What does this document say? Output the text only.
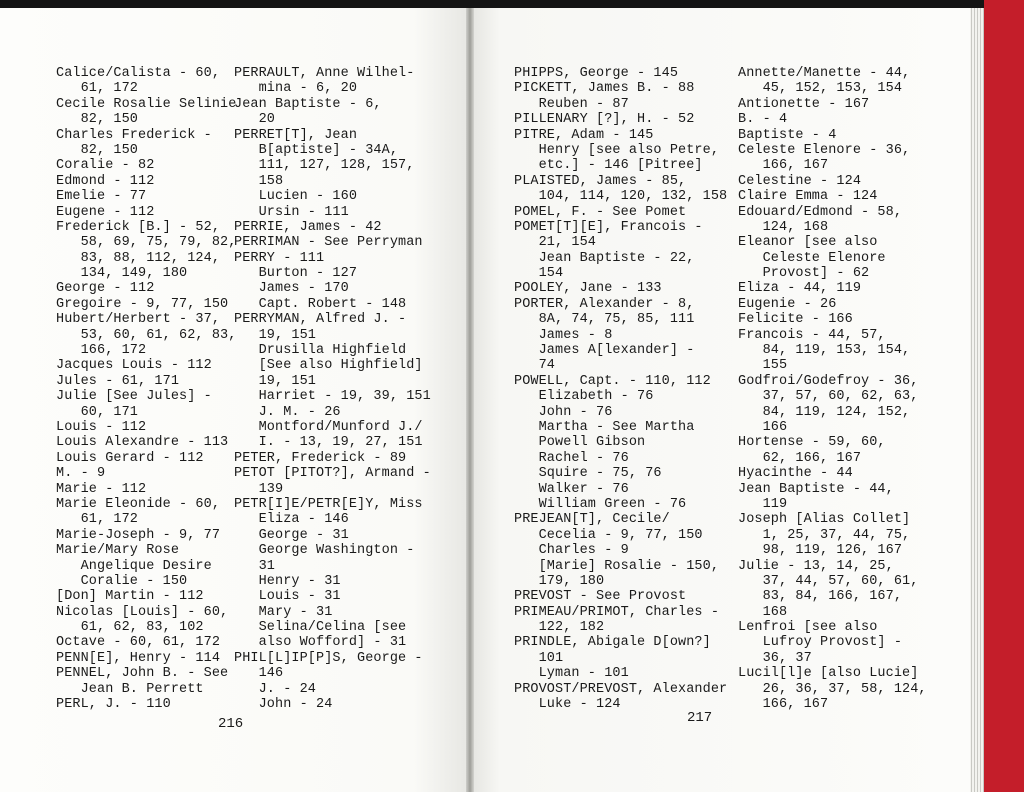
Calice/Calista - 60,
61, 172
Cecile Rosalie Selinie
82, 150
Charles Frederick -
82, 150
Coralie - 82
Edmond - 112
Emelie - 77
Eugene - 112
Frederick [B.] - 52,
58, 69, 75, 79, 82,
83, 88, 112, 124,
134, 149, 180
George - 112
Gregoire - 9, 77, 150
Hubert/Herbert - 37,
53, 60, 61, 62, 83,
166, 172
Jacques Louis - 112
Jules - 61, 171
Julie [See Jules] -
60, 171
Louis - 112
Louis Alexandre - 113
Louis Gerard - 112
M. - 9
Marie - 112
Marie Eleonide - 60,
61, 172
Marie-Joseph - 9, 77
Marie/Mary Rose
Angelique Desire
Coralie - 150
[Don] Martin - 112
Nicolas [Louis] - 60,
61, 62, 83, 102
Octave - 60, 61, 172
PENN[E], Henry - 114
PENNEL, John B. - See
Jean B. Perrett
PERL, J. - 110
PERRAULT, Anne Wilhel-
mina - 6, 20
Jean Baptiste - 6,
20
PERRET[T], Jean
B[aptiste] - 34A,
111, 127, 128, 157,
158
Lucien - 160
Ursin - 111
PERRIE, James - 42
PERRIMAN - See Perryman
PERRY - 111
Burton - 127
James - 170
Capt. Robert - 148
PERRYMAN, Alfred J. -
19, 151
Drusilla Highfield
[See also Highfield]
19, 151
Harriet - 19, 39, 151
J. M. - 26
Montford/Munford J./
I. - 13, 19, 27, 151
PETER, Frederick - 89
PETOT [PITOT?], Armand -
139
PETR[I]E/PETR[E]Y, Miss
Eliza - 146
George - 31
George Washington -
31
Henry - 31
Louis - 31
Mary - 31
Selina/Celina [see
also Wofford] - 31
PHIL[L]IP[P]S, George -
146
J. - 24
John - 24
216
PHIPPS, George - 145
PICKETT, James B. - 88
Reuben - 87
PILLENARY [?], H. - 52
PITRE, Adam - 145
Henry [see also Petre,
etc.] - 146 [Pitree]
PLAISTED, James - 85,
104, 114, 120, 132, 158
POMEL, F. - See Pomet
POMET[T][E], Francois -
21, 154
Jean Baptiste - 22,
154
POOLEY, Jane - 133
PORTER, Alexander - 8,
8A, 74, 75, 85, 111
James - 8
James A[lexander] -
74
POWELL, Capt. - 110, 112
Elizabeth - 76
John - 76
Martha - See Martha
Powell Gibson
Rachel - 76
Squire - 75, 76
Walker - 76
William Green - 76
PREJEAN[T], Cecile/
Cecelia - 9, 77, 150
Charles - 9
[Marie] Rosalie - 150,
179, 180
PREVOST - See Provost
PRIMEAU/PRIMOT, Charles -
122, 182
PRINDLE, Abigale D[own?]
101
Lyman - 101
PROVOST/PREVOST, Alexander
Luke - 124
Annette/Manette - 44,
45, 152, 153, 154
Antionette - 167
B. - 4
Baptiste - 4
Celeste Elenore - 36,
166, 167
Celestine - 124
Claire Emma - 124
Edouard/Edmond - 58,
124, 168
Eleanor [see also
Celeste Elenore
Provost] - 62
Eliza - 44, 119
Eugenie - 26
Felicite - 166
Francois - 44, 57,
84, 119, 153, 154,
155
Godfroi/Godefroy - 36,
37, 57, 60, 62, 63,
84, 119, 124, 152,
166
Hortense - 59, 60,
62, 166, 167
Hyacinthe - 44
Jean Baptiste - 44,
119
Joseph [Alias Collet]
1, 25, 37, 44, 75,
98, 119, 126, 167
Julie - 13, 14, 25,
37, 44, 57, 60, 61,
83, 84, 166, 167,
168
Lenfroi [see also
Lufroy Provost] -
36, 37
Lucil[l]e [also Lucie]
26, 36, 37, 58, 124,
166, 167
217
